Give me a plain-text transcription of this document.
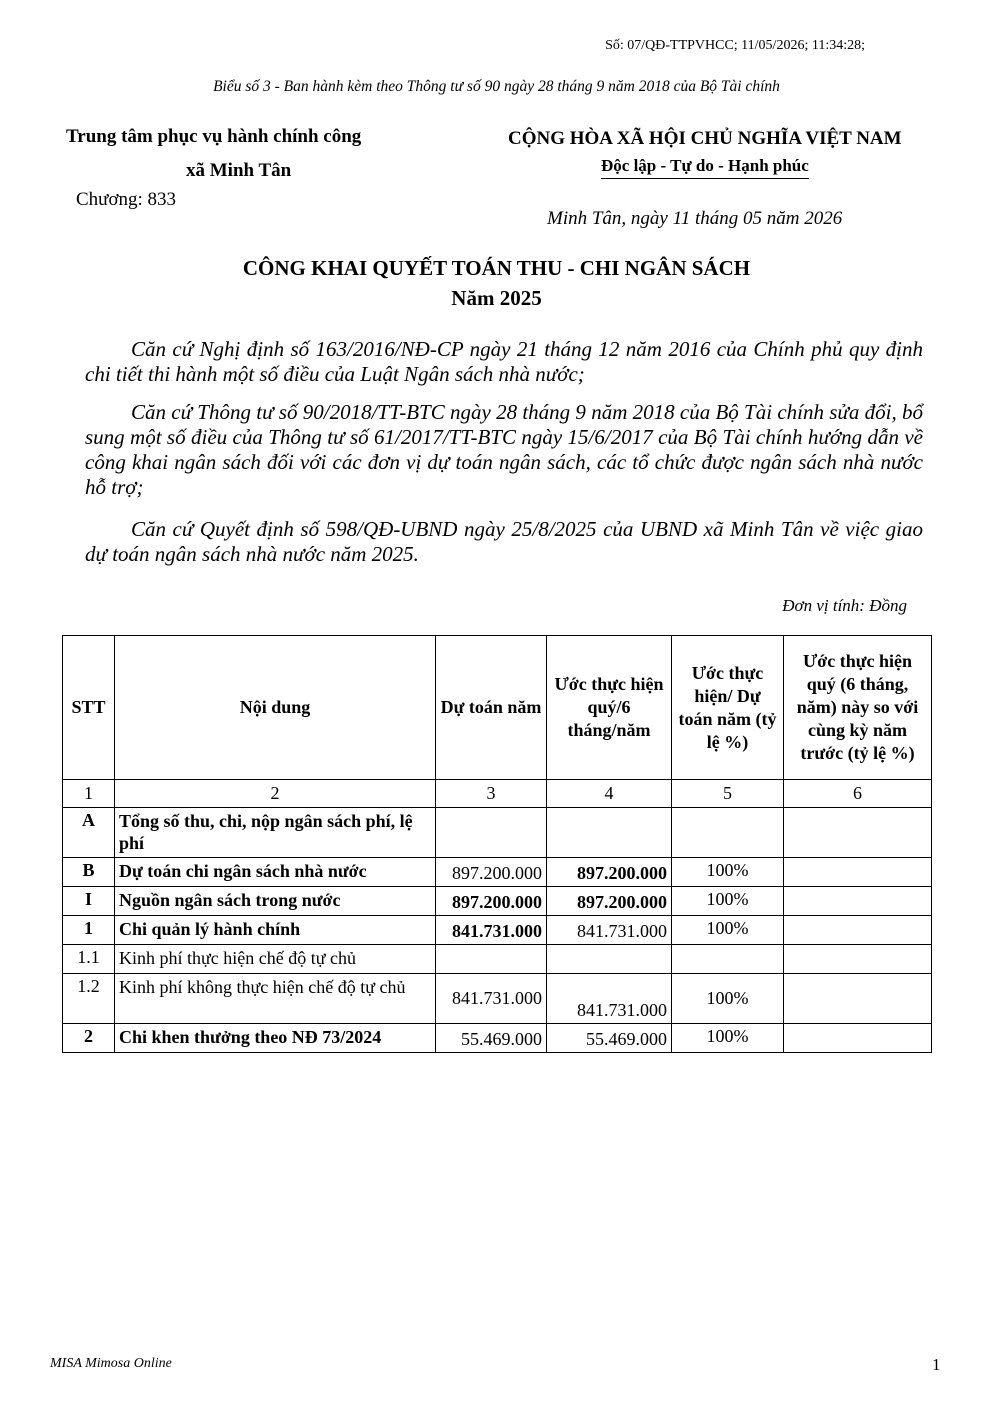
Số: 07/QĐ-TTPVHCC; 11/05/2026; 11:34:28;
Biểu số 3 - Ban hành kèm theo Thông tư số 90 ngày 28 tháng 9 năm 2018 của Bộ Tài chính
Trung tâm phục vụ hành chính công
xã Minh Tân
Chương: 833
CỘNG HÒA XÃ HỘI CHỦ NGHĨA VIỆT NAM
Độc lập - Tự do - Hạnh phúc
Minh Tân, ngày 11 tháng 05 năm 2026
CÔNG KHAI QUYẾT TOÁN THU - CHI NGÂN SÁCH
Năm 2025

Căn cứ Nghị định số 163/2016/NĐ-CP ngày 21 tháng 12 năm 2016 của Chính phủ quy định chi tiết thi hành một số điều của Luật Ngân sách nhà nước;

Căn cứ Thông tư số 90/2018/TT-BTC ngày 28 tháng 9 năm 2018 của Bộ Tài chính sửa đổi, bổ sung một số điều của Thông tư số 61/2017/TT-BTC ngày 15/6/2017 của Bộ Tài chính hướng dẫn về công khai ngân sách đối với các đơn vị dự toán ngân sách, các tổ chức được ngân sách nhà nước hỗ trợ;

Căn cứ Quyết định số 598/QĐ-UBND ngày 25/8/2025 của UBND xã Minh Tân về việc giao dự toán ngân sách nhà nước năm 2025.

Đơn vị tính: Đồng
STT	Nội dung	Dự toán năm	Ước thực hiện quý/6 tháng/năm	Ước thực hiện/ Dự toán năm (tỷ lệ %)	Ước thực hiện quý (6 tháng, năm) này so với cùng kỳ năm trước (tỷ lệ %)
1	2	3	4	5	6
A	Tổng số thu, chi, nộp ngân sách phí, lệ phí				
B	Dự toán chi ngân sách nhà nước	897.200.000	897.200.000	100%	
I	Nguồn ngân sách trong nước	897.200.000	897.200.000	100%	
1	Chi quản lý hành chính	841.731.000	841.731.000	100%	
1.1	Kinh phí thực hiện chế độ tự chủ				
1.2	Kinh phí không thực hiện chế độ tự chủ	841.731.000	841.731.000	100%	
2	Chi khen thưởng theo NĐ 73/2024	55.469.000	55.469.000	100%	
MISA Mimosa Online	1
